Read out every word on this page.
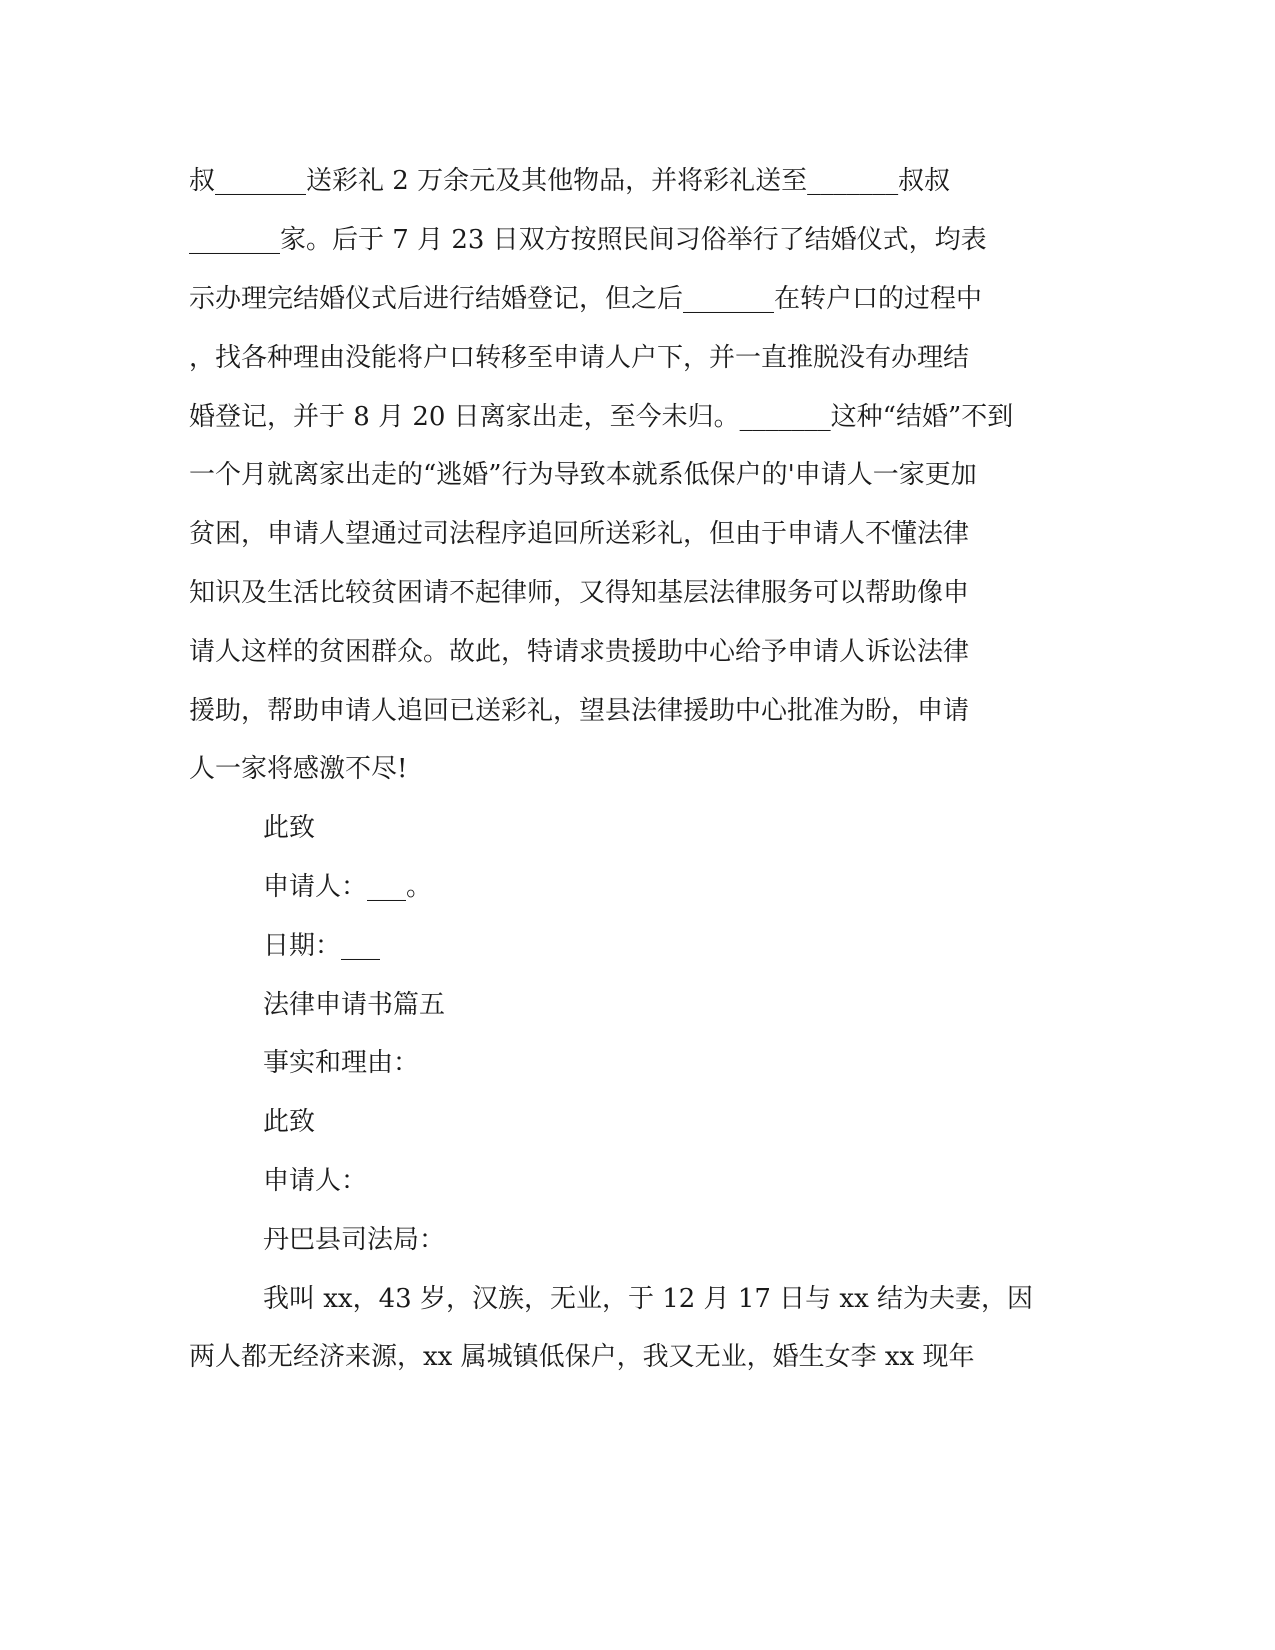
叔_______送彩礼 2 万余元及其他物品，并将彩礼送至_______叔叔
_______家。后于 7 月 23 日双方按照民间习俗举行了结婚仪式，均表
示办理完结婚仪式后进行结婚登记，但之后_______在转户口的过程中
，找各种理由没能将户口转移至申请人户下，并一直推脱没有办理结
婚登记，并于 8 月 20 日离家出走，至今未归。_______这种“结婚”不到
一个月就离家出走的“逃婚”行为导致本就系低保户的'申请人一家更加
贫困，申请人望通过司法程序追回所送彩礼，但由于申请人不懂法律
知识及生活比较贫困请不起律师，又得知基层法律服务可以帮助像申
请人这样的贫困群众。故此，特请求贵援助中心给予申请人诉讼法律
援助，帮助申请人追回已送彩礼，望县法律援助中心批准为盼，申请
人一家将感激不尽!
此致
申请人：___。
日期：___
法律申请书篇五
事实和理由：
此致
申请人：
丹巴县司法局：
我叫 xx，43 岁，汉族，无业，于 12 月 17 日与 xx 结为夫妻，因
两人都无经济来源，xx 属城镇低保户，我又无业，婚生女李 xx 现年
